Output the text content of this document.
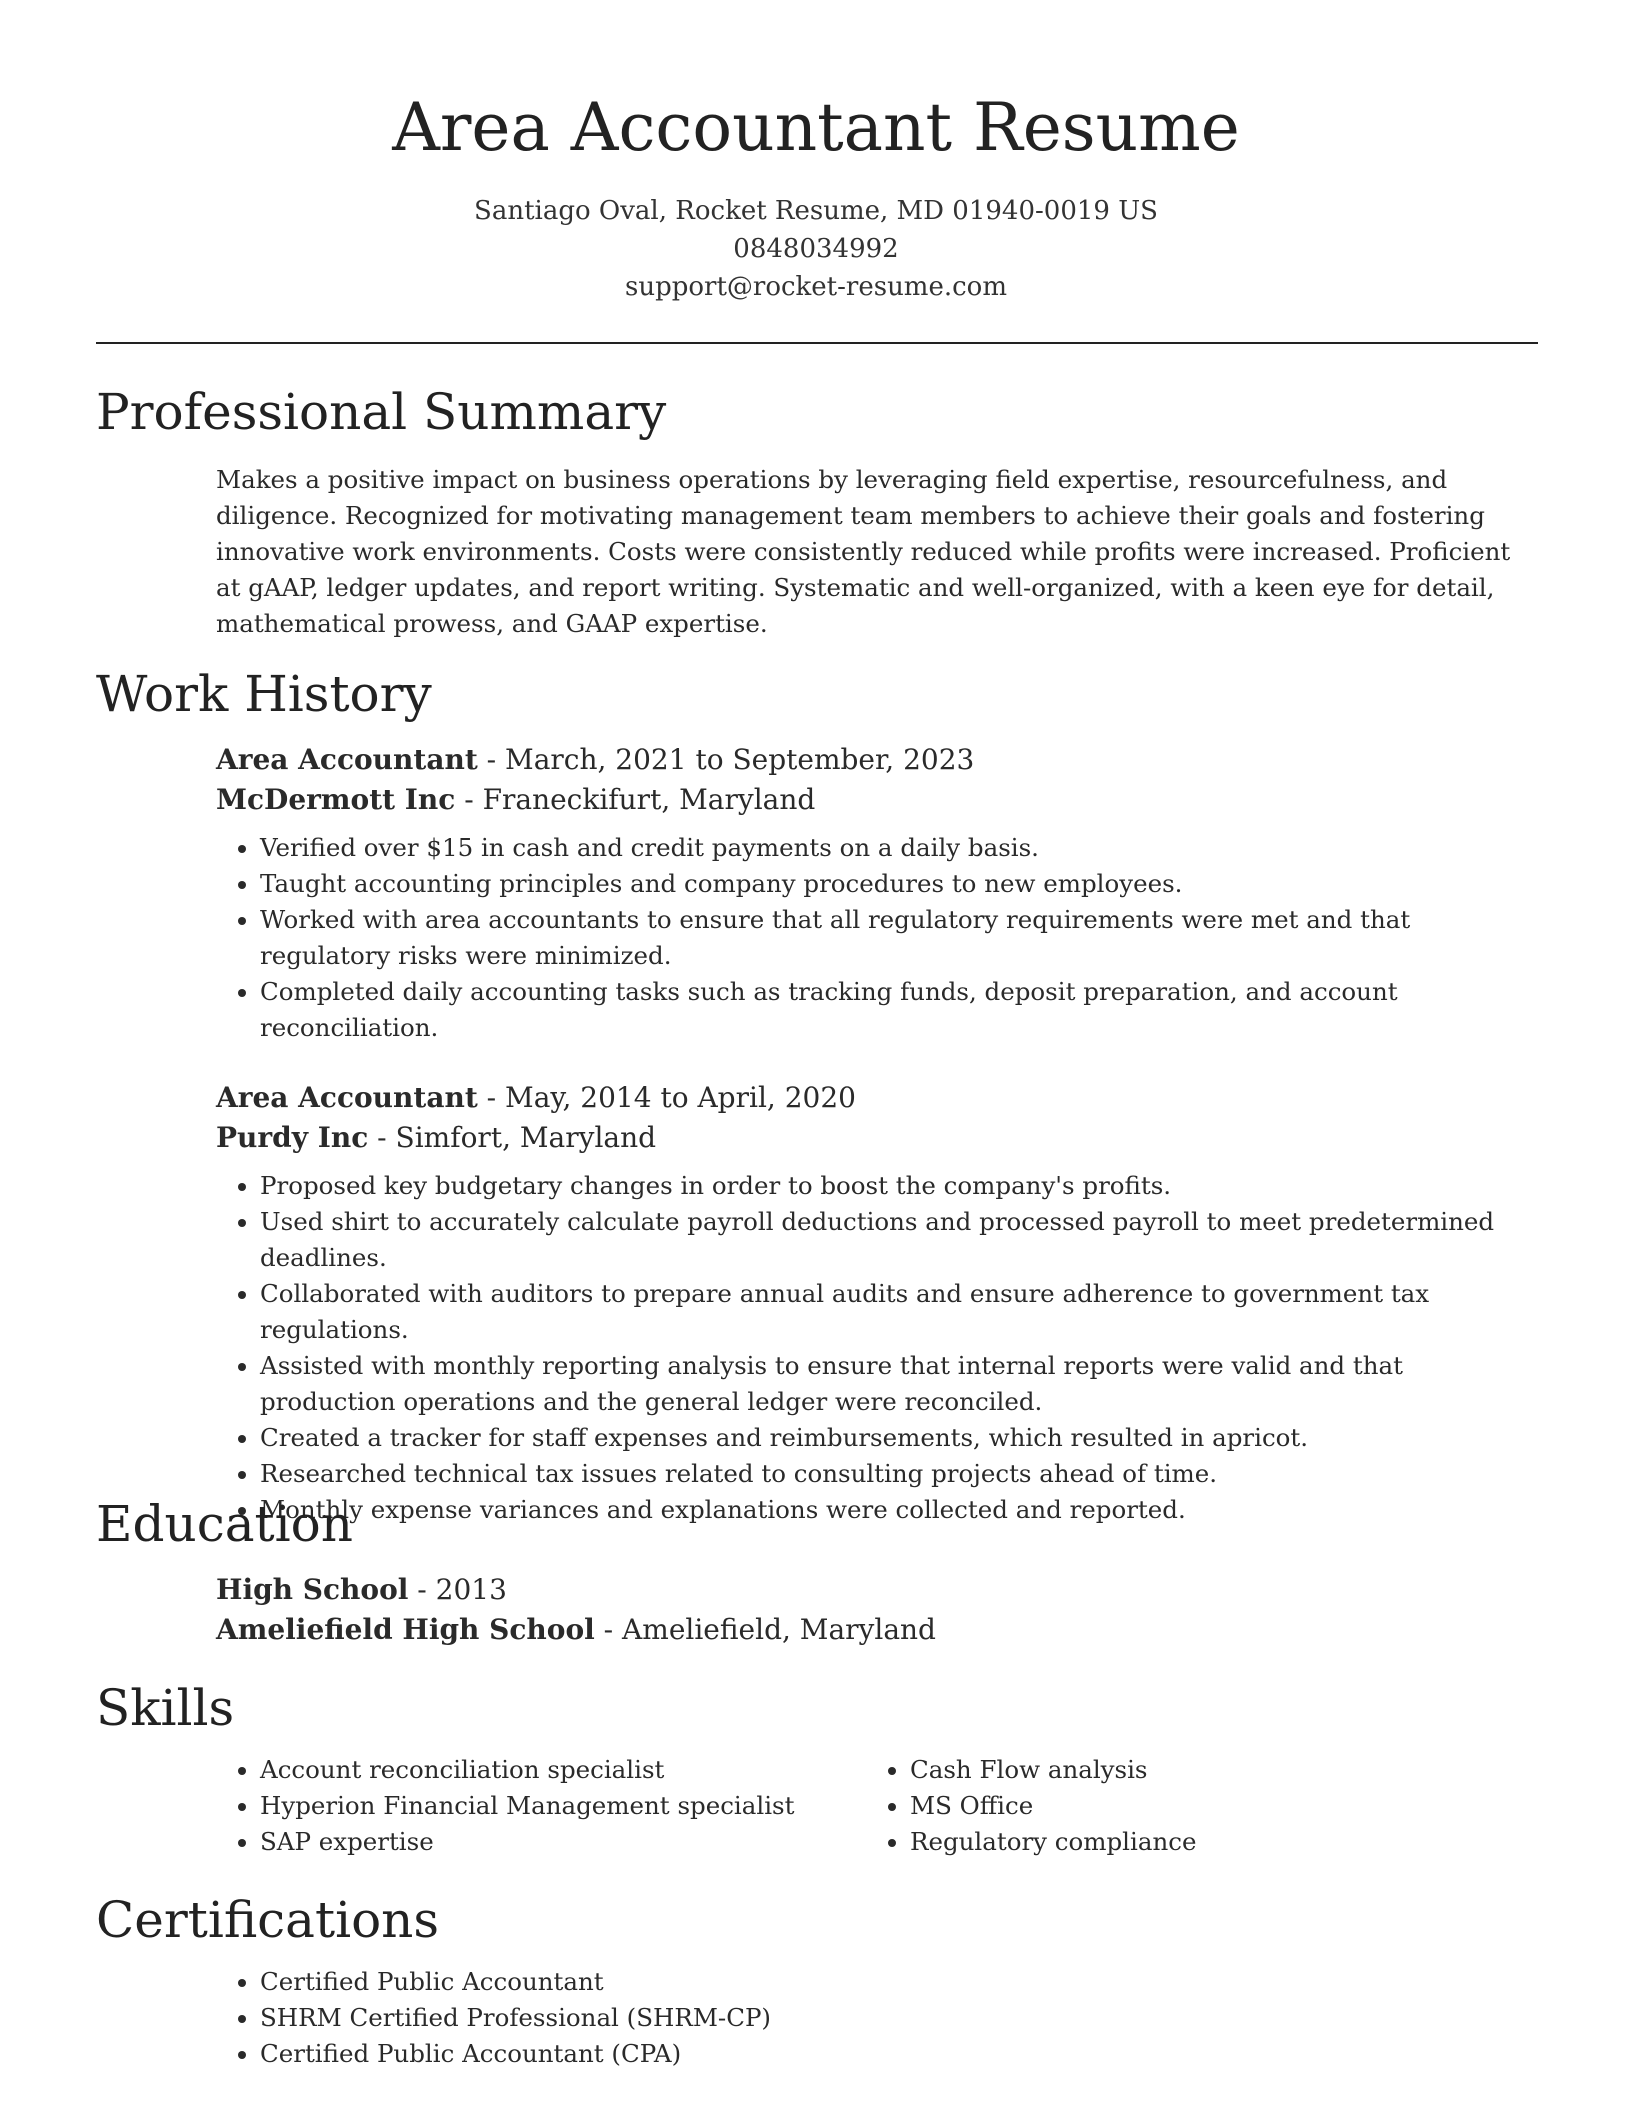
Area Accountant Resume
Santiago Oval, Rocket Resume, MD 01940-0019 US
0848034992
support@rocket-resume.com
Professional Summary
Makes a positive impact on business operations by leveraging field expertise, resourcefulness, and diligence. Recognized for motivating management team members to achieve their goals and fostering innovative work environments. Costs were consistently reduced while profits were increased. Proficient at gAAP, ledger updates, and report writing. Systematic and well-organized, with a keen eye for detail, mathematical prowess, and GAAP expertise.
Work History
Area Accountant - March, 2021 to September, 2023
McDermott Inc - Franeckifurt, Maryland
• Verified over $15 in cash and credit payments on a daily basis.
• Taught accounting principles and company procedures to new employees.
• Worked with area accountants to ensure that all regulatory requirements were met and that regulatory risks were minimized.
• Completed daily accounting tasks such as tracking funds, deposit preparation, and account reconciliation.
Area Accountant - May, 2014 to April, 2020
Purdy Inc - Simfort, Maryland
• Proposed key budgetary changes in order to boost the company's profits.
• Used shirt to accurately calculate payroll deductions and processed payroll to meet predetermined deadlines.
• Collaborated with auditors to prepare annual audits and ensure adherence to government tax regulations.
• Assisted with monthly reporting analysis to ensure that internal reports were valid and that production operations and the general ledger were reconciled.
• Created a tracker for staff expenses and reimbursements, which resulted in apricot.
• Researched technical tax issues related to consulting projects ahead of time.
• Monthly expense variances and explanations were collected and reported.
Education
High School - 2013
Ameliefield High School - Ameliefield, Maryland
Skills
• Account reconciliation specialist
• Hyperion Financial Management specialist
• SAP expertise
• Cash Flow analysis
• MS Office
• Regulatory compliance
Certifications
• Certified Public Accountant
• SHRM Certified Professional (SHRM-CP)
• Certified Public Accountant (CPA)
